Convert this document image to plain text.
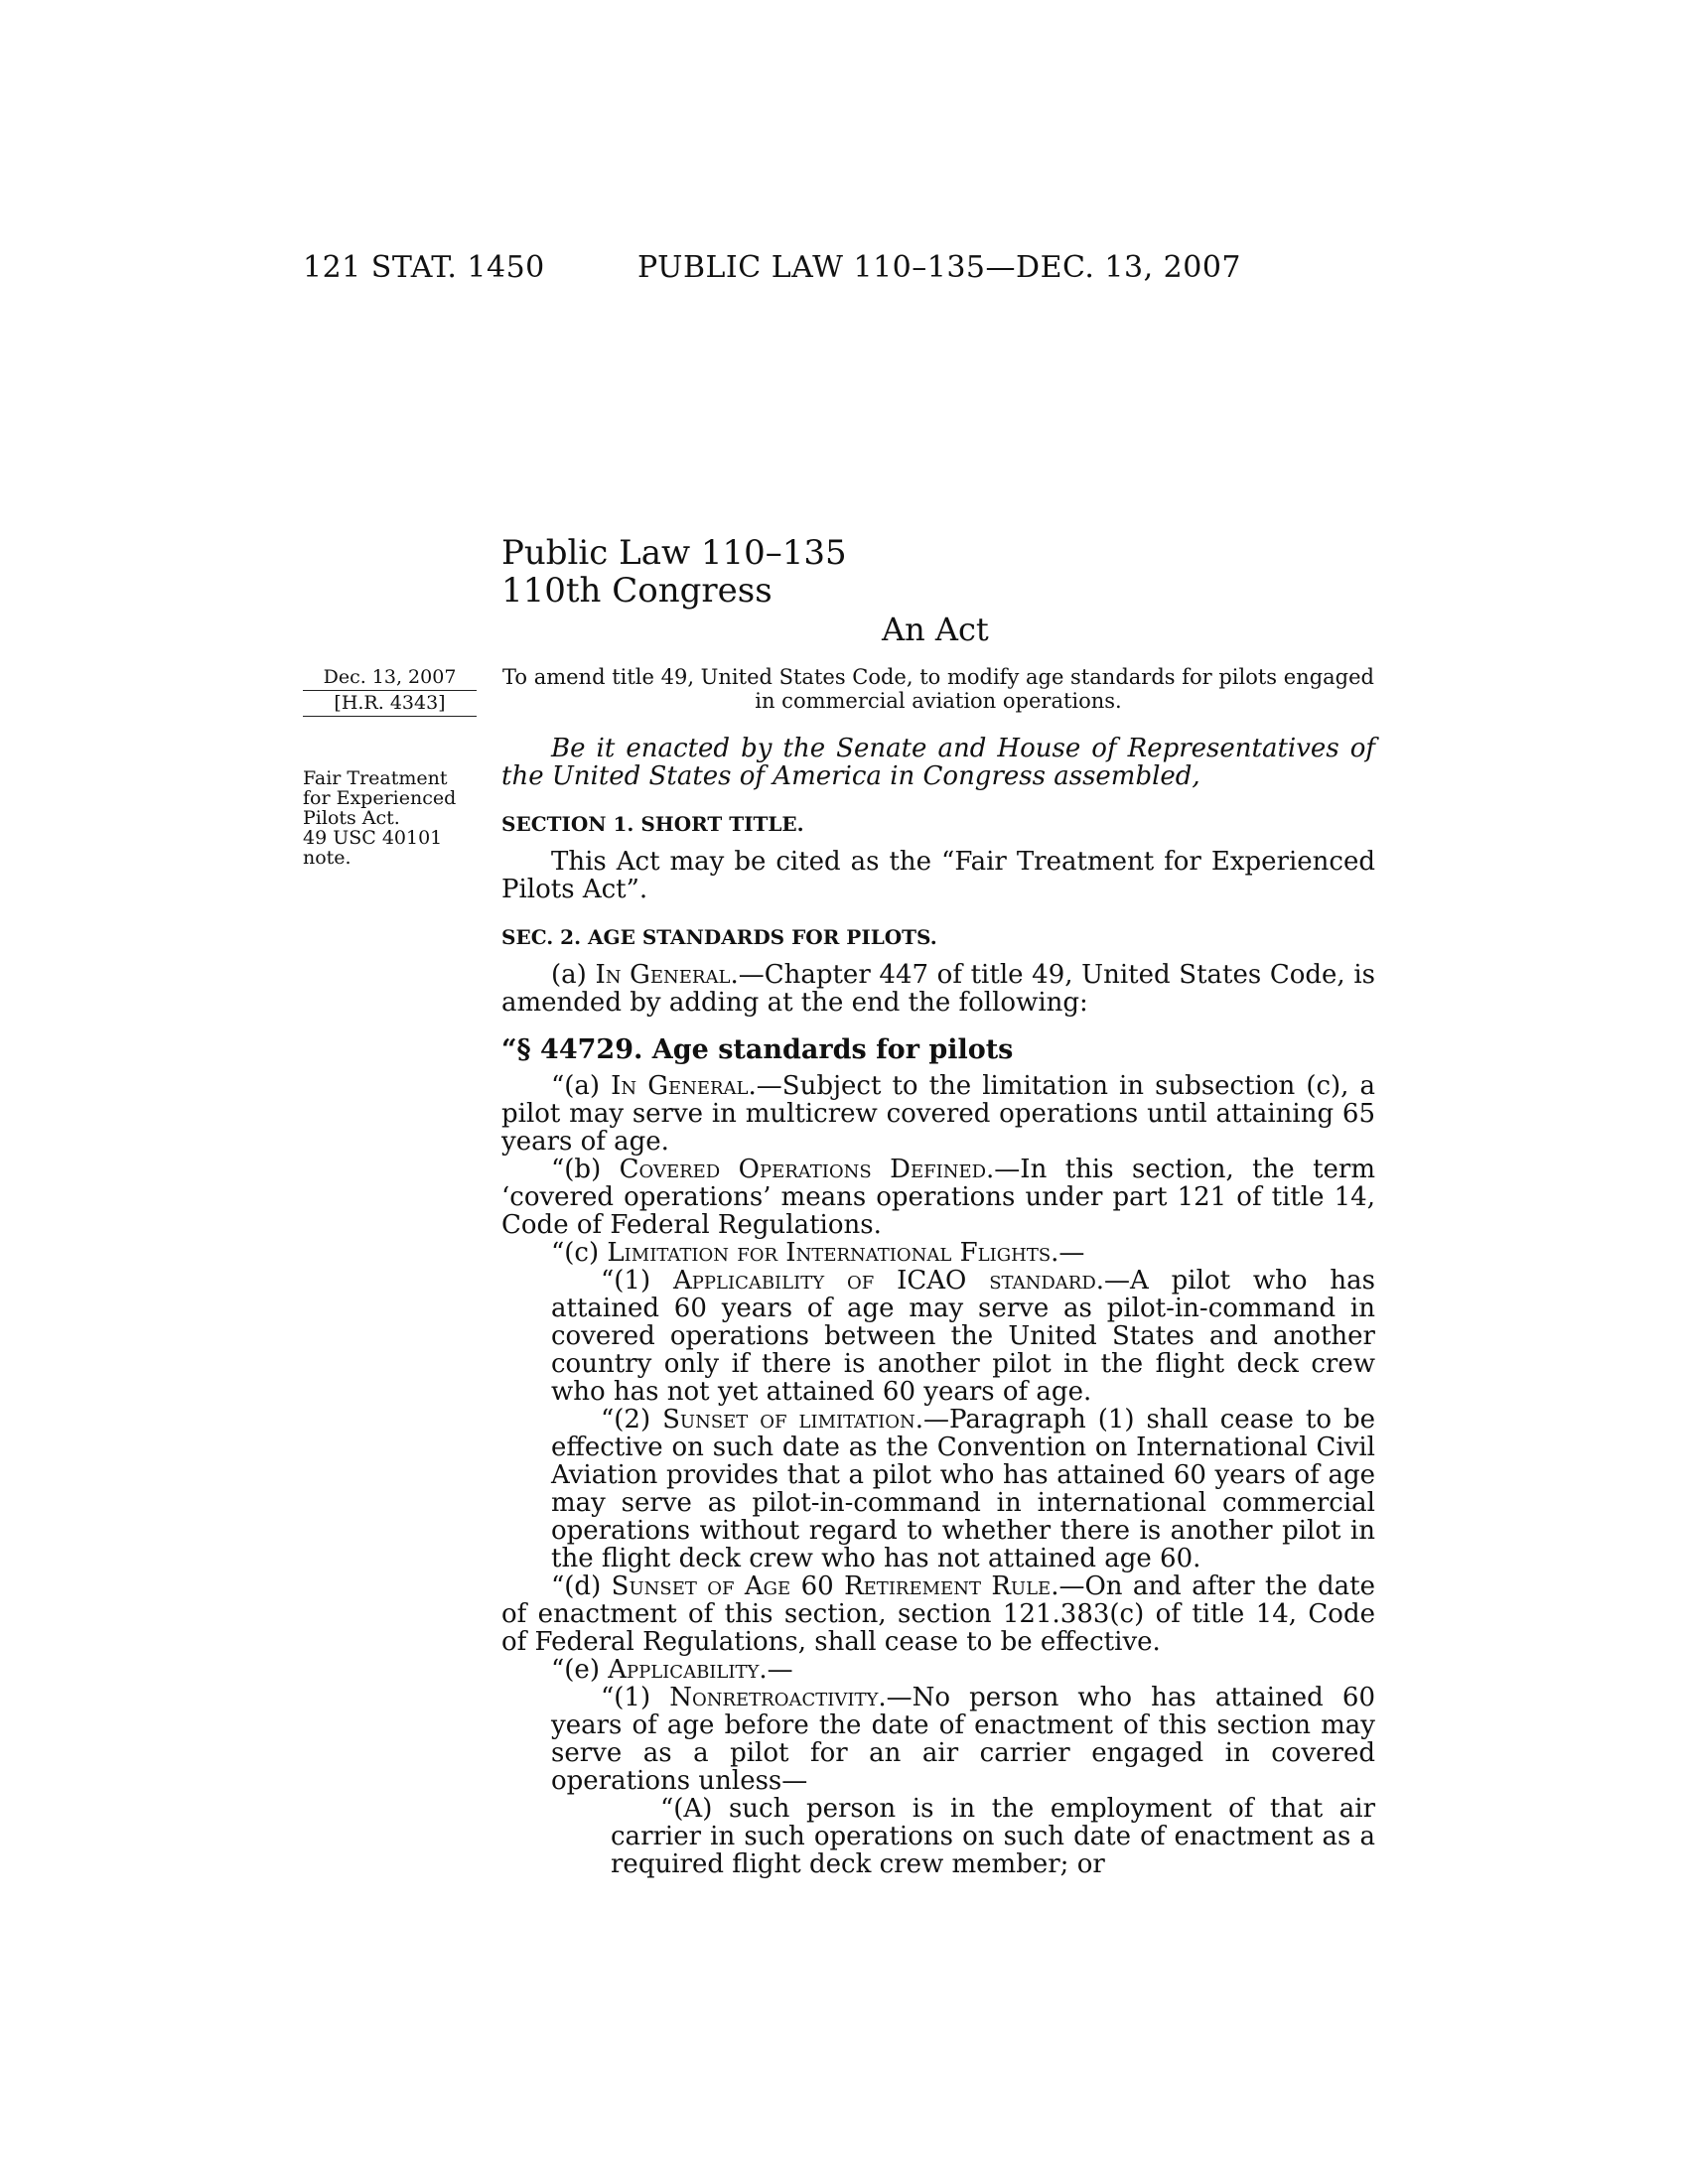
121 STAT. 1450	PUBLIC LAW 110–135—DEC. 13, 2007
Public Law 110–135
110th Congress
An Act
Dec. 13, 2007
[H.R. 4343]
Fair Treatment
for Experienced
Pilots Act.
49 USC 40101
note.
To amend title 49, United States Code, to modify age standards for pilots engaged in commercial aviation operations.

Be it enacted by the Senate and House of Representatives of the United States of America in Congress assembled,

SECTION 1. SHORT TITLE.

This Act may be cited as the “Fair Treatment for Experienced Pilots Act”.

SEC. 2. AGE STANDARDS FOR PILOTS.

(a) In General.—Chapter 447 of title 49, United States Code, is amended by adding at the end the following:

“§ 44729. Age standards for pilots

“(a) In General.—Subject to the limitation in subsection (c), a pilot may serve in multicrew covered operations until attaining 65 years of age.

“(b) Covered Operations Defined.—In this section, the term ‘covered operations’ means operations under part 121 of title 14, Code of Federal Regulations.

“(c) Limitation for International Flights.—

“(1) Applicability of ICAO standard.—A pilot who has attained 60 years of age may serve as pilot-in-command in covered operations between the United States and another country only if there is another pilot in the flight deck crew who has not yet attained 60 years of age.

“(2) Sunset of limitation.—Paragraph (1) shall cease to be effective on such date as the Convention on International Civil Aviation provides that a pilot who has attained 60 years of age may serve as pilot-in-command in international commercial operations without regard to whether there is another pilot in the flight deck crew who has not attained age 60.

“(d) Sunset of Age 60 Retirement Rule.—On and after the date of enactment of this section, section 121.383(c) of title 14, Code of Federal Regulations, shall cease to be effective.

“(e) Applicability.—

“(1) Nonretroactivity.—No person who has attained 60 years of age before the date of enactment of this section may serve as a pilot for an air carrier engaged in covered operations unless—

“(A) such person is in the employment of that air carrier in such operations on such date of enactment as a required flight deck crew member; or
